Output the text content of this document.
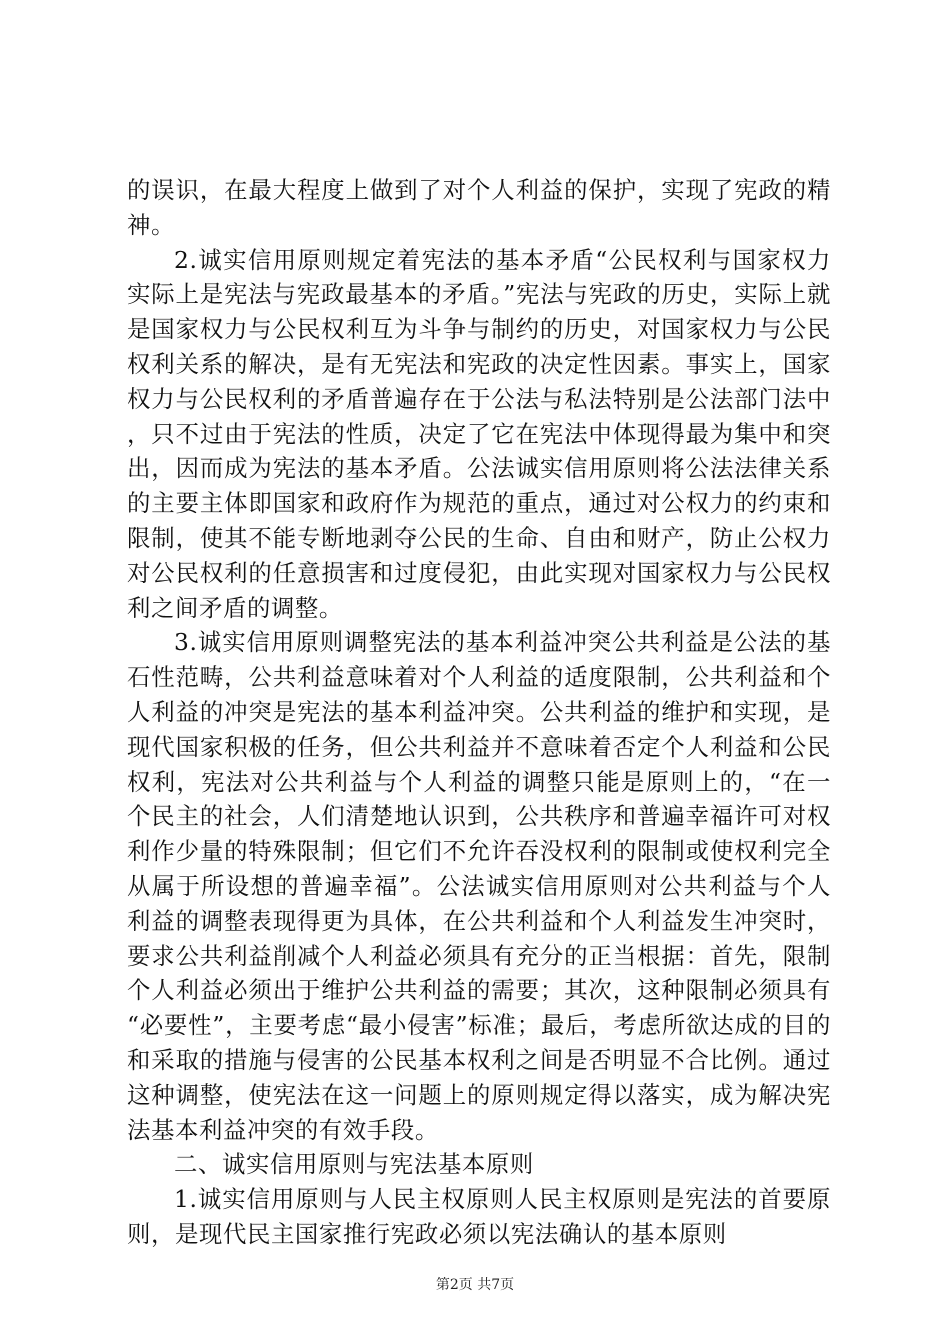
的误识，在最大程度上做到了对个人利益的保护，实现了宪政的精神。

2.诚实信用原则规定着宪法的基本矛盾“公民权利与国家权力实际上是宪法与宪政最基本的矛盾。”宪法与宪政的历史，实际上就是国家权力与公民权利互为斗争与制约的历史，对国家权力与公民权利关系的解决，是有无宪法和宪政的决定性因素。事实上，国家权力与公民权利的矛盾普遍存在于公法与私法特别是公法部门法中，只不过由于宪法的性质，决定了它在宪法中体现得最为集中和突出，因而成为宪法的基本矛盾。公法诚实信用原则将公法法律关系的主要主体即国家和政府作为规范的重点，通过对公权力的约束和限制，使其不能专断地剥夺公民的生命、自由和财产，防止公权力对公民权利的任意损害和过度侵犯，由此实现对国家权力与公民权利之间矛盾的调整。

3.诚实信用原则调整宪法的基本利益冲突公共利益是公法的基石性范畴，公共利益意味着对个人利益的适度限制，公共利益和个人利益的冲突是宪法的基本利益冲突。公共利益的维护和实现，是现代国家积极的任务，但公共利益并不意味着否定个人利益和公民权利，宪法对公共利益与个人利益的调整只能是原则上的，“在一个民主的社会，人们清楚地认识到，公共秩序和普遍幸福许可对权利作少量的特殊限制；但它们不允许吞没权利的限制或使权利完全从属于所设想的普遍幸福”。公法诚实信用原则对公共利益与个人利益的调整表现得更为具体，在公共利益和个人利益发生冲突时，要求公共利益削减个人利益必须具有充分的正当根据：首先，限制个人利益必须出于维护公共利益的需要；其次，这种限制必须具有“必要性”，主要考虑“最小侵害”标准；最后，考虑所欲达成的目的和采取的措施与侵害的公民基本权利之间是否明显不合比例。通过这种调整，使宪法在这一问题上的原则规定得以落实，成为解决宪法基本利益冲突的有效手段。

二、诚实信用原则与宪法基本原则

1.诚实信用原则与人民主权原则人民主权原则是宪法的首要原则，是现代民主国家推行宪政必须以宪法确认的基本原则

第2页 共7页
